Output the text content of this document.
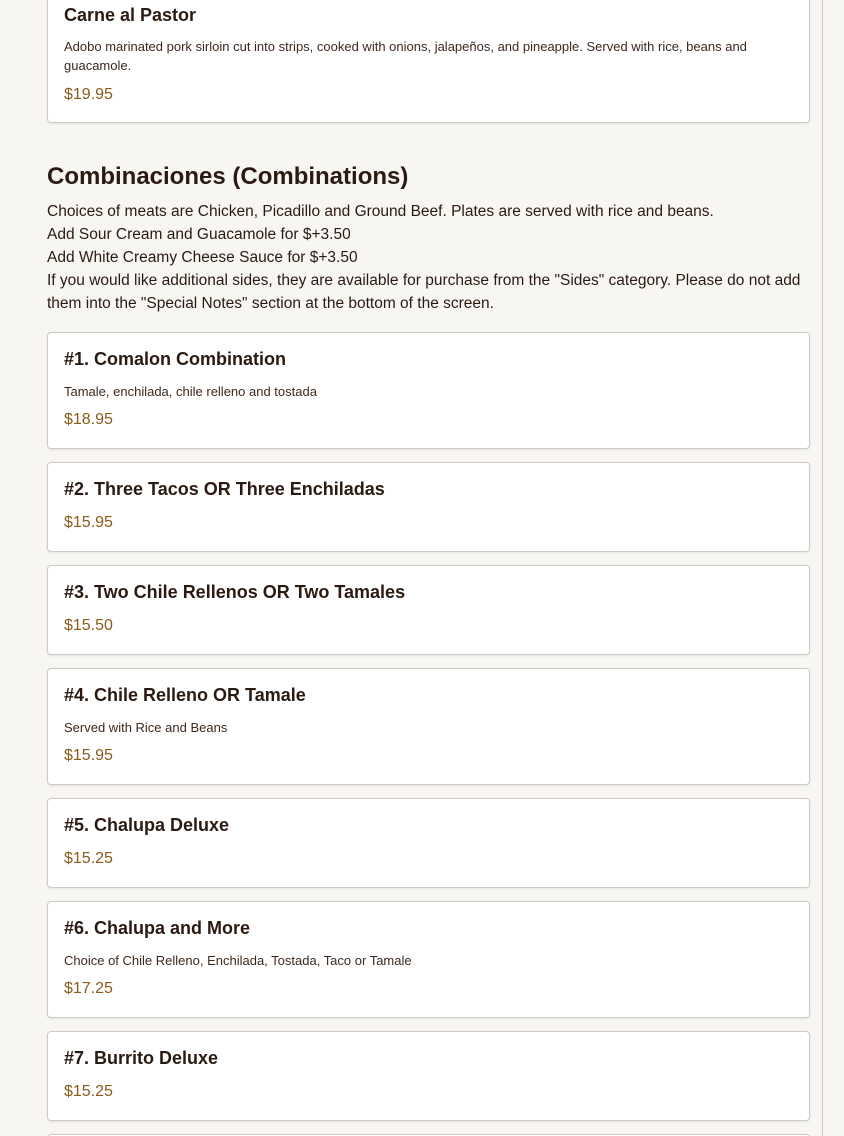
Carne al Pastor
Adobo marinated pork sirloin cut into strips, cooked with onions, jalapeños, and pineapple. Served with rice, beans and guacamole.
$19.95
Combinaciones (Combinations)
Choices of meats are Chicken, Picadillo and Ground Beef. Plates are served with rice and beans.
Add Sour Cream and Guacamole for $+3.50
Add White Creamy Cheese Sauce for $+3.50
If you would like additional sides, they are available for purchase from the "Sides" category. Please do not add them into the "Special Notes" section at the bottom of the screen.
#1. Comalon Combination
Tamale, enchilada, chile relleno and tostada
$18.95
#2. Three Tacos OR Three Enchiladas
$15.95
#3. Two Chile Rellenos OR Two Tamales
$15.50
#4. Chile Relleno OR Tamale
Served with Rice and Beans
$15.95
#5. Chalupa Deluxe
$15.25
#6. Chalupa and More
Choice of Chile Relleno, Enchilada, Tostada, Taco or Tamale
$17.25
#7. Burrito Deluxe
$15.25
